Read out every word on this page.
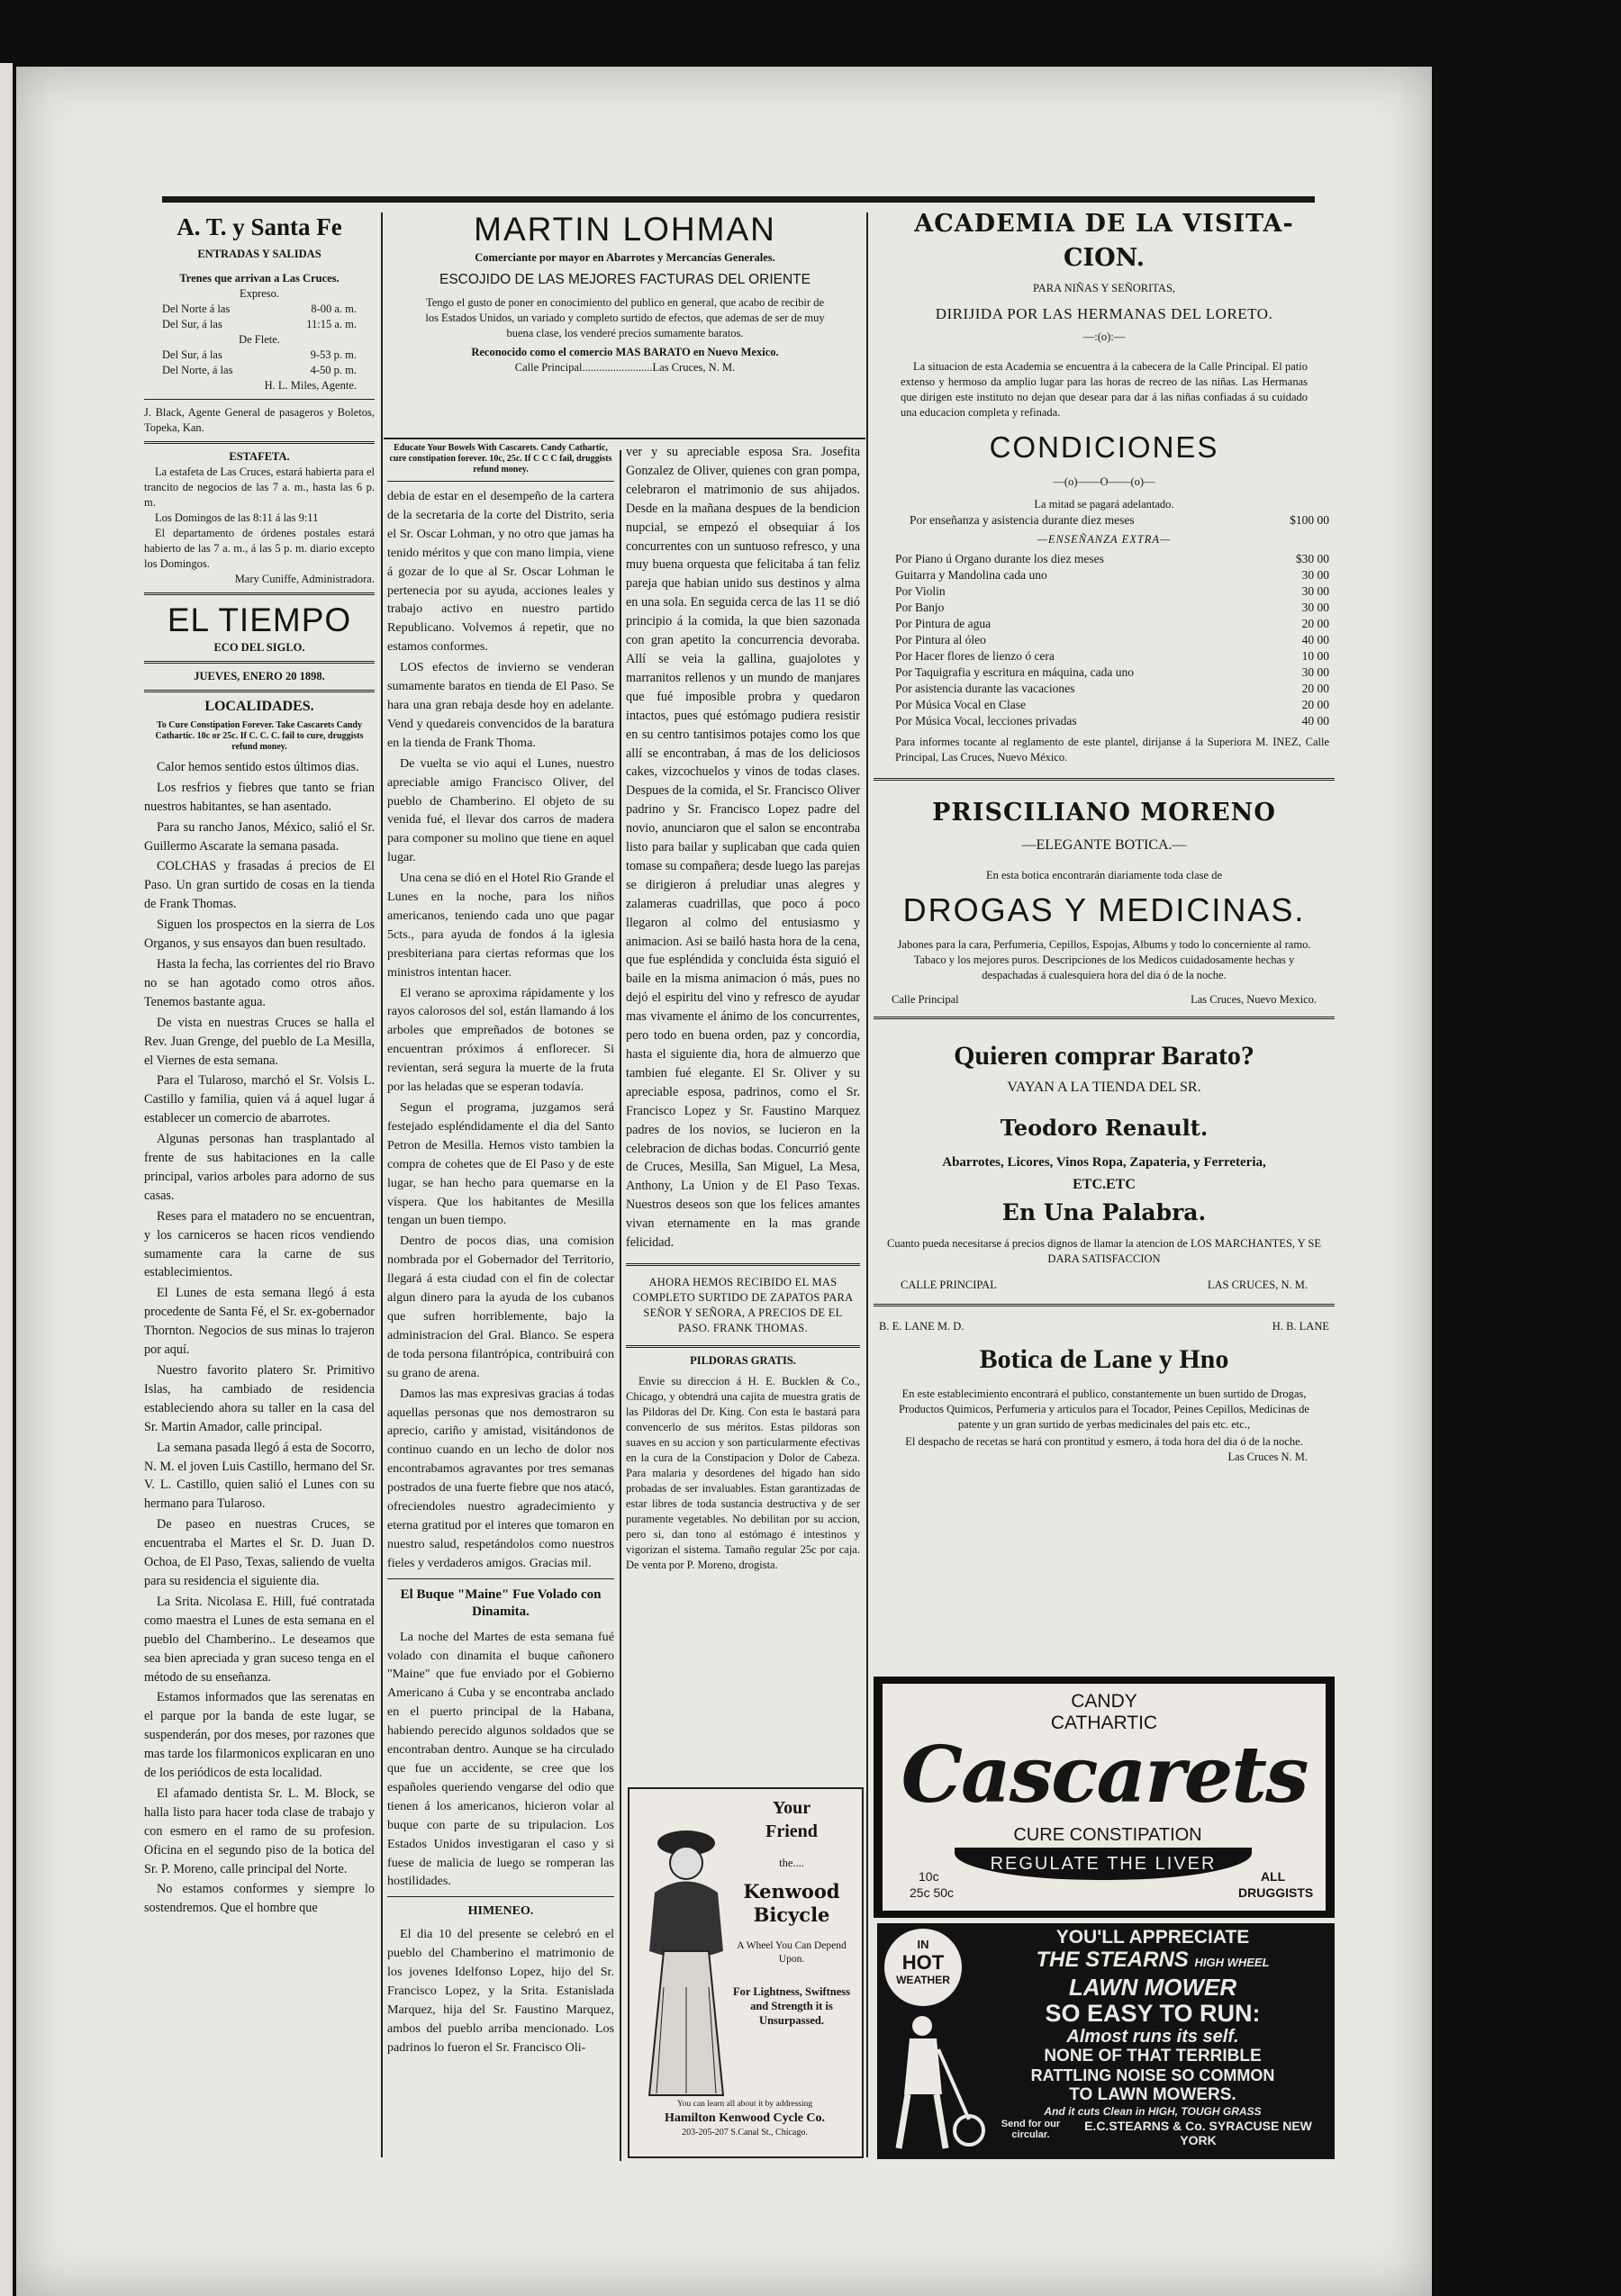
A. T. y Santa Fe
ENTRADAS Y SALIDAS
Trenes que arrivan a Las Cruces.
Expreso.
Del Norte á las	8-00 a. m.
Del Sur, á las	11:15 a. m.
De Flete.
Del Sur, á las	9-53 p. m.
Del Norte, á las	4-50 p. m.
H. L. Miles, Agente.
J. Black, Agente General de pasageros y Boletos, Topeka, Kan.
ESTAFETA.
La estafeta de Las Cruces, estará habierta para el trancito de negocios de las 7 a. m., hasta las 6 p. m.
Los Domingos de las 8:11 á las 9:11
El departamento de órdenes postales estará habierto de las 7 a. m., á las 5 p. m. diario excepto los Domingos.
Mary Cuniffe, Administradora.
EL TIEMPO
ECO DEL SIGLO.
JUEVES, ENERO 20 1898.
LOCALIDADES.
To Cure Constipation Forever. Take Cascarets Candy Cathartic. 10c or 25c. If C. C. C. fail to cure, druggists refund money.

Calor hemos sentido estos últimos dias.

Los resfrios y fiebres que tanto se frian nuestros habitantes, se han asentado.

Para su rancho Janos, México, salió el Sr. Guillermo Ascarate la semana pasada.

COLCHAS y frasadas á precios de El Paso. Un gran surtido de cosas en la tienda de Frank Thomas.

Siguen los prospectos en la sierra de Los Organos, y sus ensayos dan buen resultado.

Hasta la fecha, las corrientes del rio Bravo no se han agotado como otros años. Tenemos bastante agua.

De vista en nuestras Cruces se halla el Rev. Juan Grenge, del pueblo de La Mesilla, el Viernes de esta semana.

Para el Tularoso, marchó el Sr. Volsis L. Castillo y familia, quien vá á aquel lugar á establecer un comercio de abarrotes.

Algunas personas han trasplantado al frente de sus habitaciones en la calle principal, varios arboles para adorno de sus casas.

Reses para el matadero no se encuentran, y los carniceros se hacen ricos vendiendo sumamente cara la carne de sus establecimientos.

El Lunes de esta semana llegó á esta procedente de Santa Fé, el Sr. ex-gobernador Thornton. Negocios de sus minas lo trajeron por aquí.

Nuestro favorito platero Sr. Primitivo Islas, ha cambiado de residencia estableciendo ahora su taller en la casa del Sr. Martin Amador, calle principal.

La semana pasada llegó á esta de Socorro, N. M. el joven Luis Castillo, hermano del Sr. V. L. Castillo, quien salió el Lunes con su hermano para Tularoso.

De paseo en nuestras Cruces, se encuentraba el Martes el Sr. D. Juan D. Ochoa, de El Paso, Texas, saliendo de vuelta para su residencia el siguiente dia.

La Srita. Nicolasa E. Hill, fué contratada como maestra el Lunes de esta semana en el pueblo del Chamberino.. Le deseamos que sea bien apreciada y gran suceso tenga en el método de su enseñanza.

Estamos informados que las serenatas en el parque por la banda de este lugar, se suspenderán, por dos meses, por razones que mas tarde los filarmonicos explicaran en uno de los periódicos de esta localidad.

El afamado dentista Sr. L. M. Block, se halla listo para hacer toda clase de trabajo y con esmero en el ramo de su profesion. Oficina en el segundo piso de la botica del Sr. P. Moreno, calle principal del Norte.

No estamos conformes y siempre lo sostendremos. Que el hombre que

MARTIN LOHMAN
Comerciante por mayor en Abarrotes y Mercancías Generales.
ESCOJIDO DE LAS MEJORES FACTURAS DEL ORIENTE
Tengo el gusto de poner en conocimiento del publico en general, que acabo de recibir de los Estados Unidos, un variado y completo surtido de efectos, que ademas de ser de muy buena clase, los venderé precios sumamente baratos.
Reconocido como el comercio MAS BARATO en Nuevo Mexico.
Calle Principal.........................Las Cruces, N. M.
Educate Your Bowels With Cascarets. Candy Cathartic, cure constipation forever. 10c, 25c. If C C C fail, druggists refund money.

debia de estar en el desempeño de la cartera de la secretaria de la corte del Distrito, seria el Sr. Oscar Lohman, y no otro que jamas ha tenido méritos y que con mano limpia, viene á gozar de lo que al Sr. Oscar Lohman le pertenecia por su ayuda, acciones leales y trabajo activo en nuestro partido Republicano. Volvemos á repetir, que no estamos conformes.

LOS efectos de invierno se venderan sumamente baratos en tienda de El Paso. Se hara una gran rebaja desde hoy en adelante. Vend y quedareis convencidos de la baratura en la tienda de Frank Thoma.

De vuelta se vio aqui el Lunes, nuestro apreciable amigo Francisco Oliver, del pueblo de Chamberino. El objeto de su venida fué, el llevar dos carros de madera para componer su molino que tiene en aquel lugar.

Una cena se dió en el Hotel Rio Grande el Lunes en la noche, para los niños americanos, teniendo cada uno que pagar 5cts., para ayuda de fondos á la iglesia presbiteriana para ciertas reformas que los ministros intentan hacer.

El verano se aproxima rápidamente y los rayos calorosos del sol, están llamando á los arboles que empreñados de botones se encuentran próximos á enflorecer. Si revientan, será segura la muerte de la fruta por las heladas que se esperan todavía.

Segun el programa, juzgamos será festejado espléndidamente el dia del Santo Petron de Mesilla. Hemos visto tambien la compra de cohetes que de El Paso y de este lugar, se han hecho para quemarse en la víspera. Que los habitantes de Mesilla tengan un buen tiempo.

Dentro de pocos dias, una comision nombrada por el Gobernador del Territorio, llegará á esta ciudad con el fin de colectar algun dinero para la ayuda de los cubanos que sufren horriblemente, bajo la administracion del Gral. Blanco. Se espera de toda persona filantrópica, contribuirá con su grano de arena.

Damos las mas expresivas gracias á todas aquellas personas que nos demostraron su aprecio, cariño y amistad, visitándonos de continuo cuando en un lecho de dolor nos encontrabamos agravantes por tres semanas postrados de una fuerte fiebre que nos atacó, ofreciendoles nuestro agradecimiento y eterna gratitud por el interes que tomaron en nuestro salud, respetándolos como nuestros fieles y verdaderos amigos. Gracias mil.

El Buque "Maine" Fue Volado con Dinamita.

La noche del Martes de esta semana fué volado con dinamita el buque cañonero "Maine" que fue enviado por el Gobierno Americano á Cuba y se encontraba anclado en el puerto principal de la Habana, habiendo perecido algunos soldados que se encontraban dentro. Aunque se ha circulado que fue un accidente, se cree que los españoles queriendo vengarse del odio que tienen á los americanos, hicieron volar al buque con parte de su tripulacion. Los Estados Unidos investigaran el caso y si fuese de malicia de luego se romperan las hostilidades.

HIMENEO.

El dia 10 del presente se celebró en el pueblo del Chamberino el matrimonio de los jovenes Idelfonso Lopez, hijo del Sr. Francisco Lopez, y la Srita. Estanislada Marquez, hija del Sr. Faustino Marquez, ambos del pueblo arriba mencionado. Los padrinos lo fueron el Sr. Francisco Oli-

ver y su apreciable esposa Sra. Josefita Gonzalez de Oliver, quienes con gran pompa, celebraron el matrimonio de sus ahijados. Desde en la mañana despues de la bendicion nupcial, se empezó el obsequiar á los concurrentes con un suntuoso refresco, y una muy buena orquesta que felicitaba á tan feliz pareja que habian unido sus destinos y alma en una sola. En seguida cerca de las 11 se dió principio á la comida, la que bien sazonada con gran apetito la concurrencia devoraba. Allí se veia la gallina, guajolotes y marranitos rellenos y un mundo de manjares que fué imposible probra y quedaron intactos, pues qué estómago pudiera resistir en su centro tantisimos potajes como los que allí se encontraban, á mas de los deliciosos cakes, vizcochuelos y vinos de todas clases. Despues de la comida, el Sr. Francisco Oliver padrino y Sr. Francisco Lopez padre del novio, anunciaron que el salon se encontraba listo para bailar y suplicaban que cada quien tomase su compañera; desde luego las parejas se dirigieron á preludiar unas alegres y zalameras cuadrillas, que poco á poco llegaron al colmo del entusiasmo y animacion. Asi se bailó hasta hora de la cena, que fue espléndida y concluida ésta siguió el baile en la misma animacion ó más, pues no dejó el espiritu del vino y refresco de ayudar mas vivamente el ánimo de los concurrentes, pero todo en buena orden, paz y concordia, hasta el siguiente dia, hora de almuerzo que tambien fué elegante. El Sr. Oliver y su apreciable esposa, padrinos, como el Sr. Francisco Lopez y Sr. Faustino Marquez padres de los novios, se lucieron en la celebracion de dichas bodas. Concurrió gente de Cruces, Mesilla, San Miguel, La Mesa, Anthony, La Union y de El Paso Texas. Nuestros deseos son que los felices amantes vivan eternamente en la mas grande felicidad.

AHORA HEMOS RECIBIDO EL MAS COMPLETO SURTIDO DE ZAPATOS PARA SEÑOR Y SEÑORA, A PRECIOS DE EL PASO. FRANK THOMAS.
PILDORAS GRATIS.

Envie su direccion á H. E. Bucklen & Co., Chicago, y obtendrá una cajita de muestra gratis de las Pildoras del Dr. King. Con esta le bastará para convencerlo de sus méritos. Estas pildoras son suaves en su accion y son particularmente efectivas en la cura de la Constipacion y Dolor de Cabeza. Para malaria y desordenes del higado han sido probadas de ser invaluables. Estan garantizadas de estar libres de toda sustancia destructiva y de ser puramente vegetables. No debilitan por su accion, pero si, dan tono al estómago é intestinos y vigorizan el sistema. Tamaño regular 25c por caja. De venta por P. Moreno, drogista.

Your
Friend
the....
Kenwood
Bicycle
A Wheel You Can Depend Upon.
For Lightness, Swiftness and Strength it is Unsurpassed.
You can learn all about it by addressing
Hamilton Kenwood Cycle Co.
203-205-207 S.Canal St., Chicago.
ACADEMIA DE LA VISITA-
CION.
PARA NIÑAS Y SEÑORITAS,
DIRIJIDA POR LAS HERMANAS DEL LORETO.
—:(o):—
La situacion de esta Academia se encuentra á la cabecera de la Calle Principal. El patio extenso y hermoso da amplio lugar para las horas de recreo de las niñas. Las Hermanas que dirigen este instituto no dejan que desear para dar á las niñas confiadas á su cuidado una educacion completa y refinada.
CONDICIONES
—(o)——O——(o)—
La mitad se pagará adelantado.
Por enseñanza y asistencia durante diez meses	$100 00
—ENSEÑANZA EXTRA—
Por Piano ú Organo durante los diez meses	$30 00
Guitarra y Mandolina cada uno	30 00
Por Violin	30 00
Por Banjo	30 00
Por Pintura de agua	20 00
Por Pintura al óleo	40 00
Por Hacer flores de lienzo ó cera	10 00
Por Taquigrafia y escritura en máquina, cada uno	30 00
Por asistencia durante las vacaciones	20 00
Por Música Vocal en Clase	20 00
Por Música Vocal, lecciones privadas	40 00
Para informes tocante al reglamento de este plantel, dirijanse á la Superiora M. INEZ, Calle Principal, Las Cruces, Nuevo México.
PRISCILIANO MORENO
—ELEGANTE BOTICA.—
En esta botica encontrarán diariamente toda clase de
DROGAS Y MEDICINAS.
Jabones para la cara, Perfumeria, Cepillos, Espojas, Albums y todo lo concerniente al ramo. Tabaco y los mejores puros. Descripciones de los Medicos cuidadosamente hechas y despachadas á cualesquiera hora del dia ó de la noche.
Calle Principal	Las Cruces, Nuevo Mexico.
Quieren comprar Barato?
VAYAN A LA TIENDA DEL SR.
Teodoro Renault.
Abarrotes, Licores, Vinos Ropa, Zapateria, y Ferreteria,
ETC.ETC
En Una Palabra.
Cuanto pueda necesitarse á precios dignos de llamar la atencion de LOS MARCHANTES, Y SE DARA SATISFACCION
CALLE PRINCIPAL	LAS CRUCES, N. M.
B. E. LANE M. D.	H. B. LANE
Botica de Lane y Hno
En este establecimiento encontrará el publico, constantemente un buen surtido de Drogas, Productos Quimicos, Perfumeria y articulos para el Tocador, Peines Cepillos, Medicinas de patente y un gran surtido de yerbas medicinales del pais etc. etc.,
El despacho de recetas se hará con prontitud y esmero, á toda hora del dia ó de la noche.
Las Cruces N. M.
CANDY
CATHARTIC
Cascarets
CURE CONSTIPATION
REGULATE THE LIVER
10c
25c 50c
ALL
DRUGGISTS
IN
HOT
WEATHER
YOU'LL APPRECIATE
THE STEARNS HIGH WHEEL
LAWN MOWER
SO EASY TO RUN:
Almost runs its self.
NONE OF THAT TERRIBLE
RATTLING NOISE SO COMMON
TO LAWN MOWERS.
And it cuts Clean in HIGH, TOUGH GRASS
Send for our circular.
E.C.STEARNS & Co. SYRACUSE NEW YORK
